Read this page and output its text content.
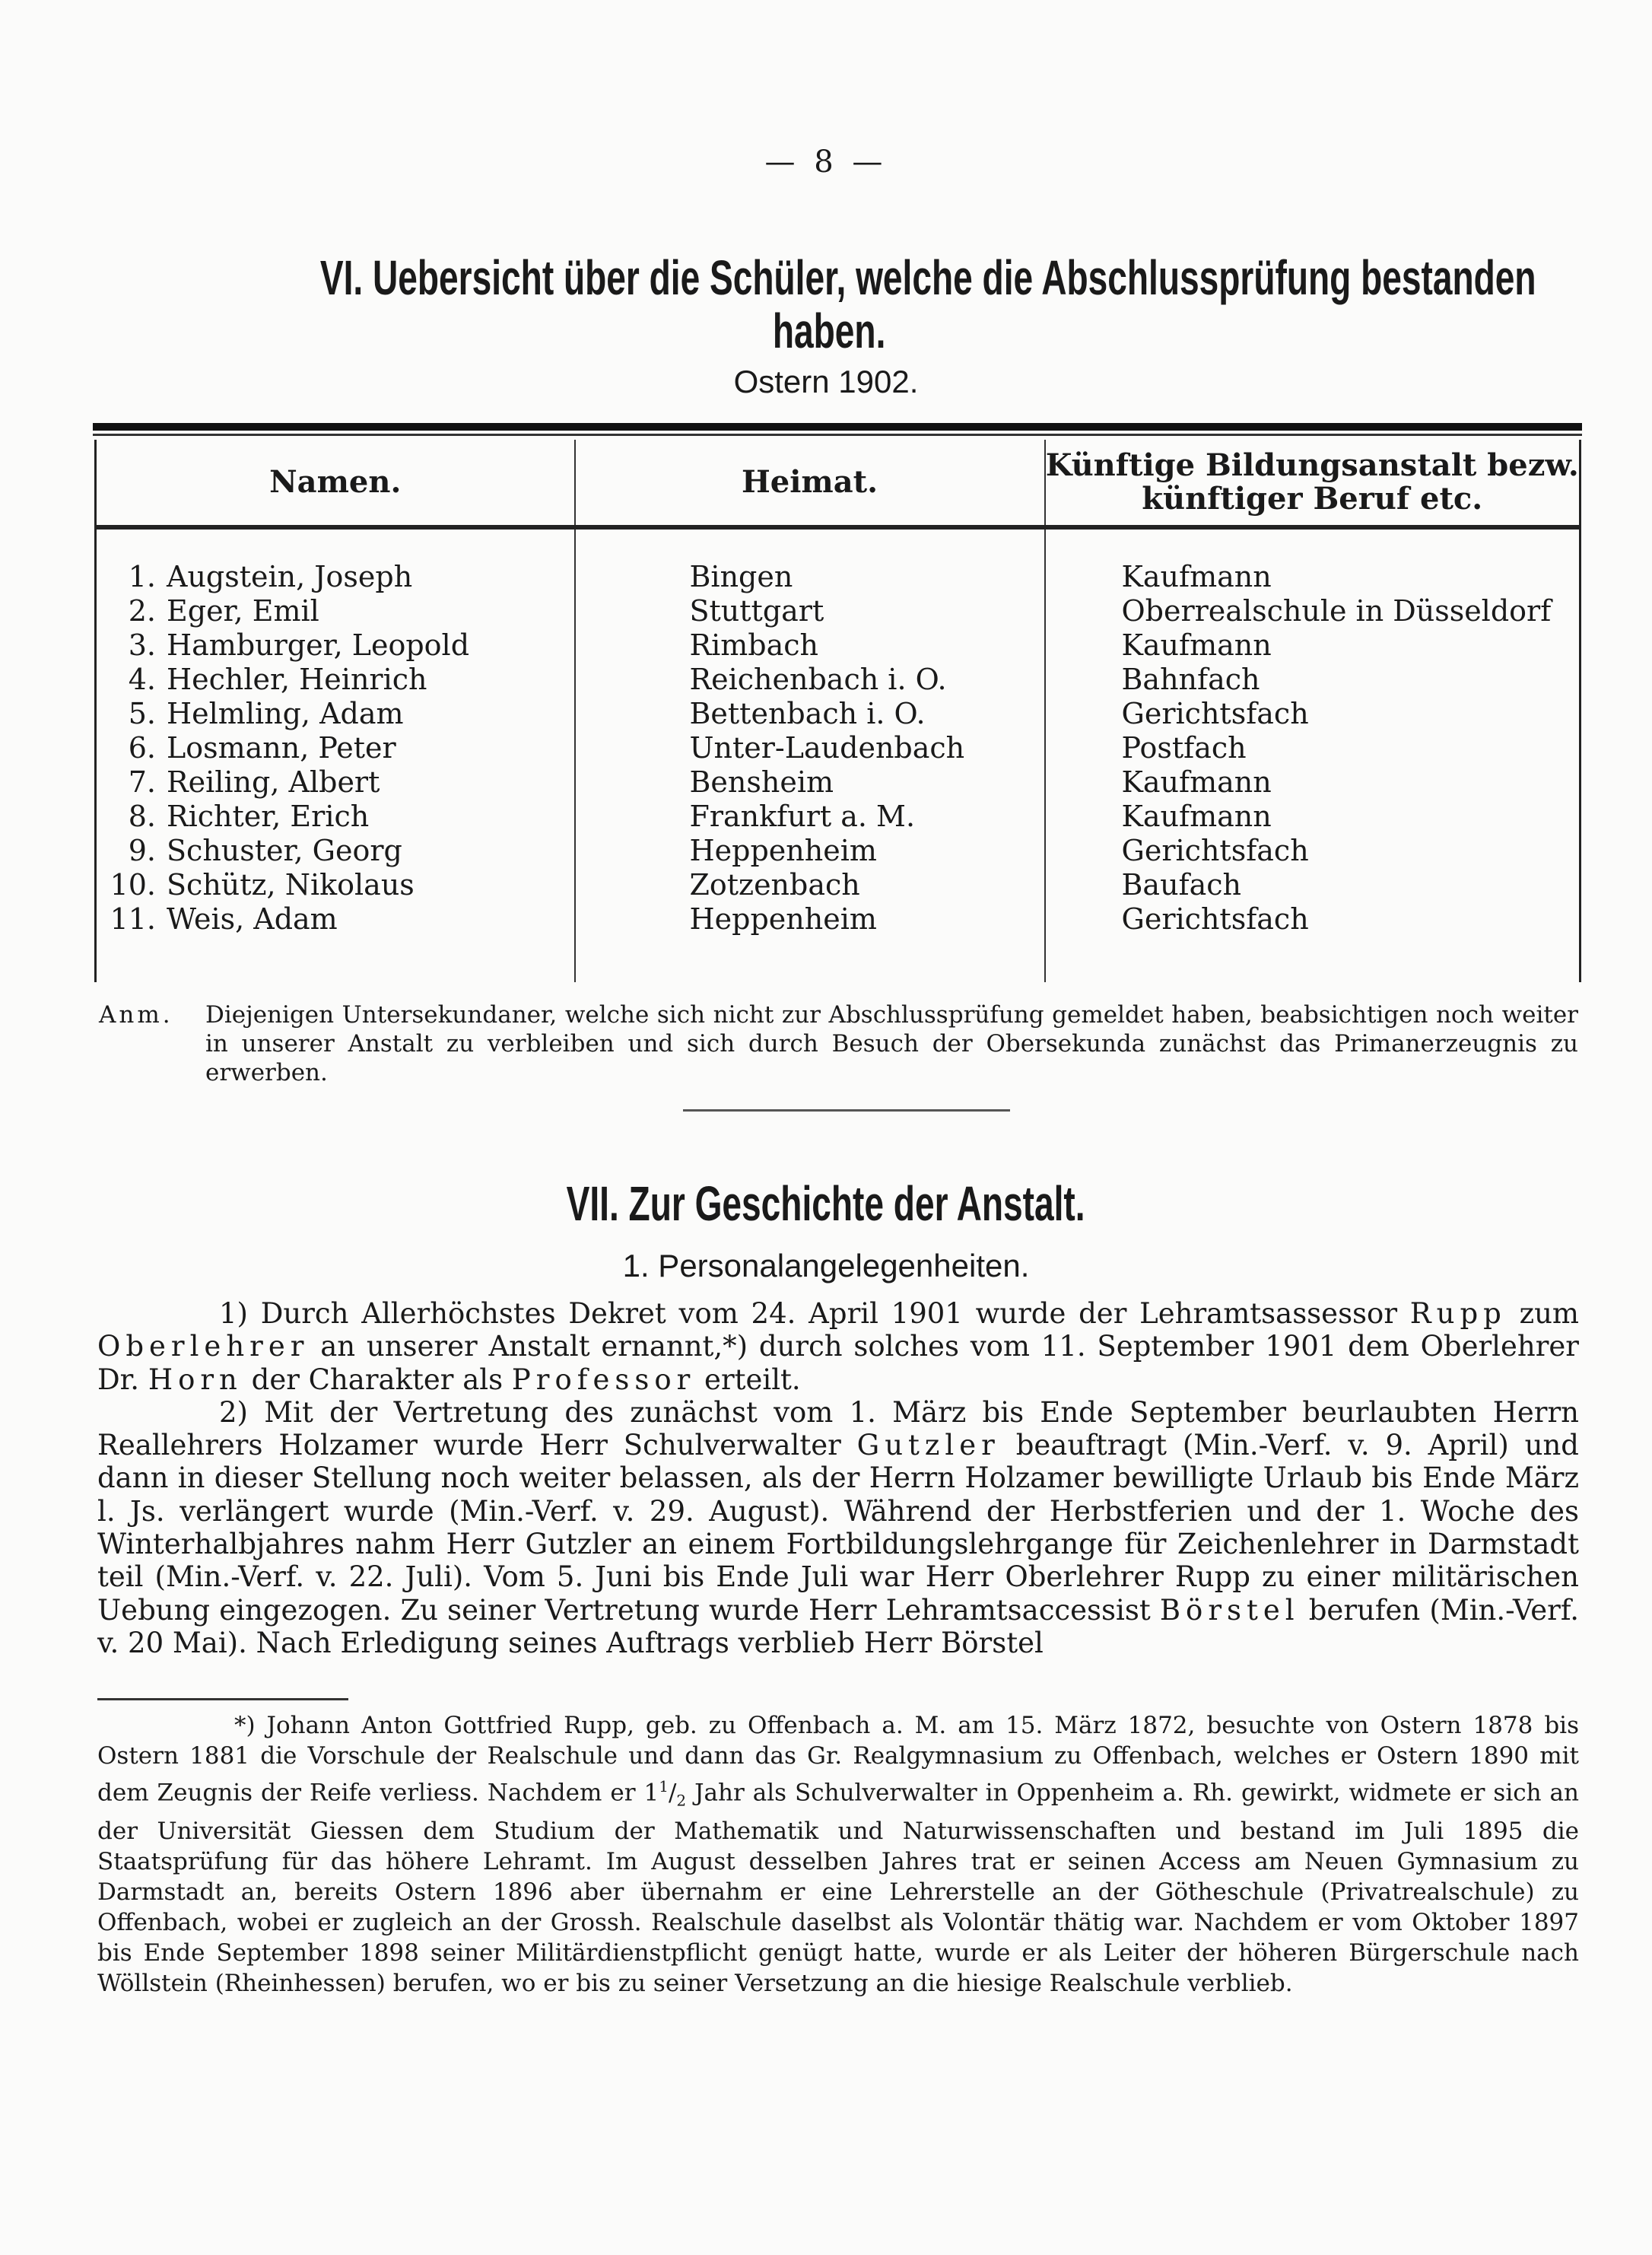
— 8 —
VI. Uebersicht über die Schüler, welche die Abschlussprüfung bestanden
haben.
Ostern 1902.
Namen.	Heimat.	Künftige Bildungsanstalt bezw.
künftiger Beruf etc.

1. Augstein, Joseph	Bingen	Kaufmann
2. Eger, Emil	Stuttgart	Oberrealschule in Düsseldorf
3. Hamburger, Leopold	Rimbach	Kaufmann
4. Hechler, Heinrich	Reichenbach i. O.	Bahnfach
5. Helmling, Adam	Bettenbach i. O.	Gerichtsfach
6. Losmann, Peter	Unter-Laudenbach	Postfach
7. Reiling, Albert	Bensheim	Kaufmann
8. Richter, Erich	Frankfurt a. M.	Kaufmann
9. Schuster, Georg	Heppenheim	Gerichtsfach
10. Schütz, Nikolaus	Zotzenbach	Baufach
11. Weis, Adam	Heppenheim	Gerichtsfach

Anm. Diejenigen Untersekundaner, welche sich nicht zur Abschlussprüfung gemeldet haben, beabsichtigen noch weiter in unserer Anstalt zu verbleiben und sich durch Besuch der Obersekunda zunächst das Primanerzeugnis zu erwerben.
VII. Zur Geschichte der Anstalt.
1. Personalangelegenheiten.

1) Durch Allerhöchstes Dekret vom 24. April 1901 wurde der Lehramtsassessor Rupp zum Oberlehrer an unserer Anstalt ernannt,*) durch solches vom 11. September 1901 dem Oberlehrer Dr. Horn der Charakter als Professor erteilt.

2) Mit der Vertretung des zunächst vom 1. März bis Ende September beurlaubten Herrn Reallehrers Holzamer wurde Herr Schulverwalter Gutzler beauftragt (Min.-Verf. v. 9. April) und dann in dieser Stellung noch weiter belassen, als der Herrn Holzamer bewilligte Urlaub bis Ende März l. Js. verlängert wurde (Min.-Verf. v. 29. August). Während der Herbstferien und der 1. Woche des Winterhalbjahres nahm Herr Gutzler an einem Fortbildungslehrgange für Zeichenlehrer in Darmstadt teil (Min.-Verf. v. 22. Juli). Vom 5. Juni bis Ende Juli war Herr Oberlehrer Rupp zu einer militärischen Uebung eingezogen. Zu seiner Vertretung wurde Herr Lehramtsaccessist Börstel berufen (Min.-Verf. v. 20 Mai). Nach Erledigung seines Auftrags verblieb Herr Börstel

*) Johann Anton Gottfried Rupp, geb. zu Offenbach a. M. am 15. März 1872, besuchte von Ostern 1878 bis Ostern 1881 die Vorschule der Realschule und dann das Gr. Realgymnasium zu Offenbach, welches er Ostern 1890 mit dem Zeugnis der Reife verliess. Nachdem er $1^1/_2$ Jahr als Schulverwalter in Oppenheim a. Rh. gewirkt, widmete er sich an der Universität Giessen dem Studium der Mathematik und Naturwissenschaften und bestand im Juli 1895 die Staatsprüfung für das höhere Lehramt. Im August desselben Jahres trat er seinen Access am Neuen Gymnasium zu Darmstadt an, bereits Ostern 1896 aber übernahm er eine Lehrerstelle an der Götheschule (Privatrealschule) zu Offenbach, wobei er zugleich an der Grossh. Realschule daselbst als Volontär thätig war. Nachdem er vom Oktober 1897 bis Ende September 1898 seiner Militärdienstpflicht genügt hatte, wurde er als Leiter der höheren Bürgerschule nach Wöllstein (Rheinhessen) berufen, wo er bis zu seiner Versetzung an die hiesige Realschule verblieb.
